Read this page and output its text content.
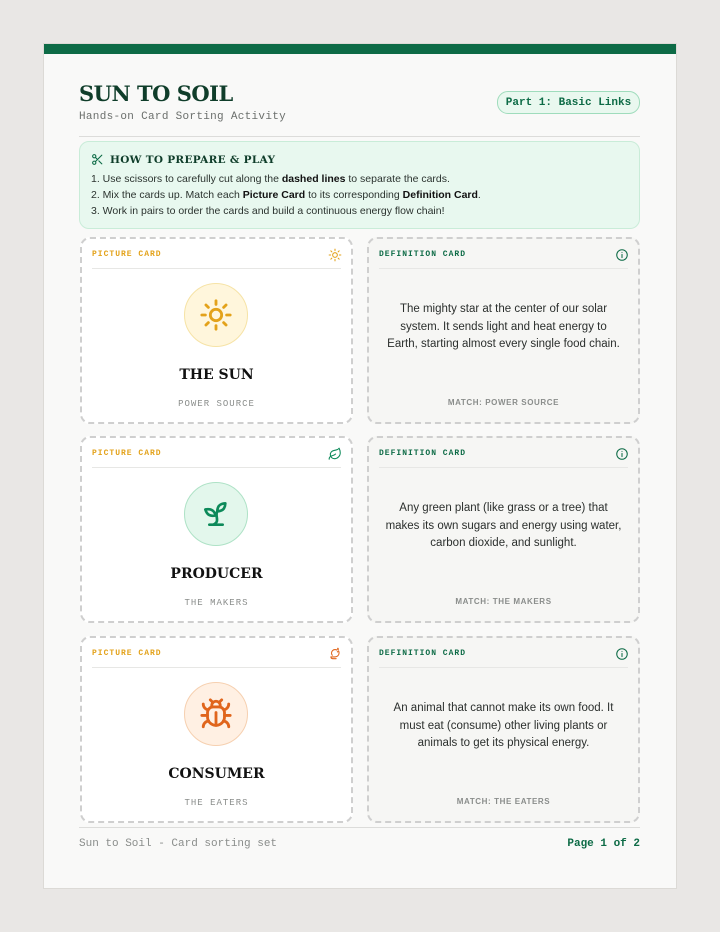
SUN TO SOIL
Hands-on Card Sorting Activity
Part 1: Basic Links
HOW TO PREPARE & PLAY
1. Use scissors to carefully cut along the dashed lines to separate the cards.
2. Mix the cards up. Match each Picture Card to its corresponding Definition Card.
3. Work in pairs to order the cards and build a continuous energy flow chain!
PICTURE CARD
THE SUN
POWER SOURCE
DEFINITION CARD
The mighty star at the center of our solar system. It sends light and heat energy to Earth, starting almost every single food chain.
MATCH: POWER SOURCE
PICTURE CARD
PRODUCER
THE MAKERS
DEFINITION CARD
Any green plant (like grass or a tree) that makes its own sugars and energy using water, carbon dioxide, and sunlight.
MATCH: THE MAKERS
PICTURE CARD
CONSUMER
THE EATERS
DEFINITION CARD
An animal that cannot make its own food. It must eat (consume) other living plants or animals to get its physical energy.
MATCH: THE EATERS
Sun to Soil - Card sorting set	Page 1 of 2
